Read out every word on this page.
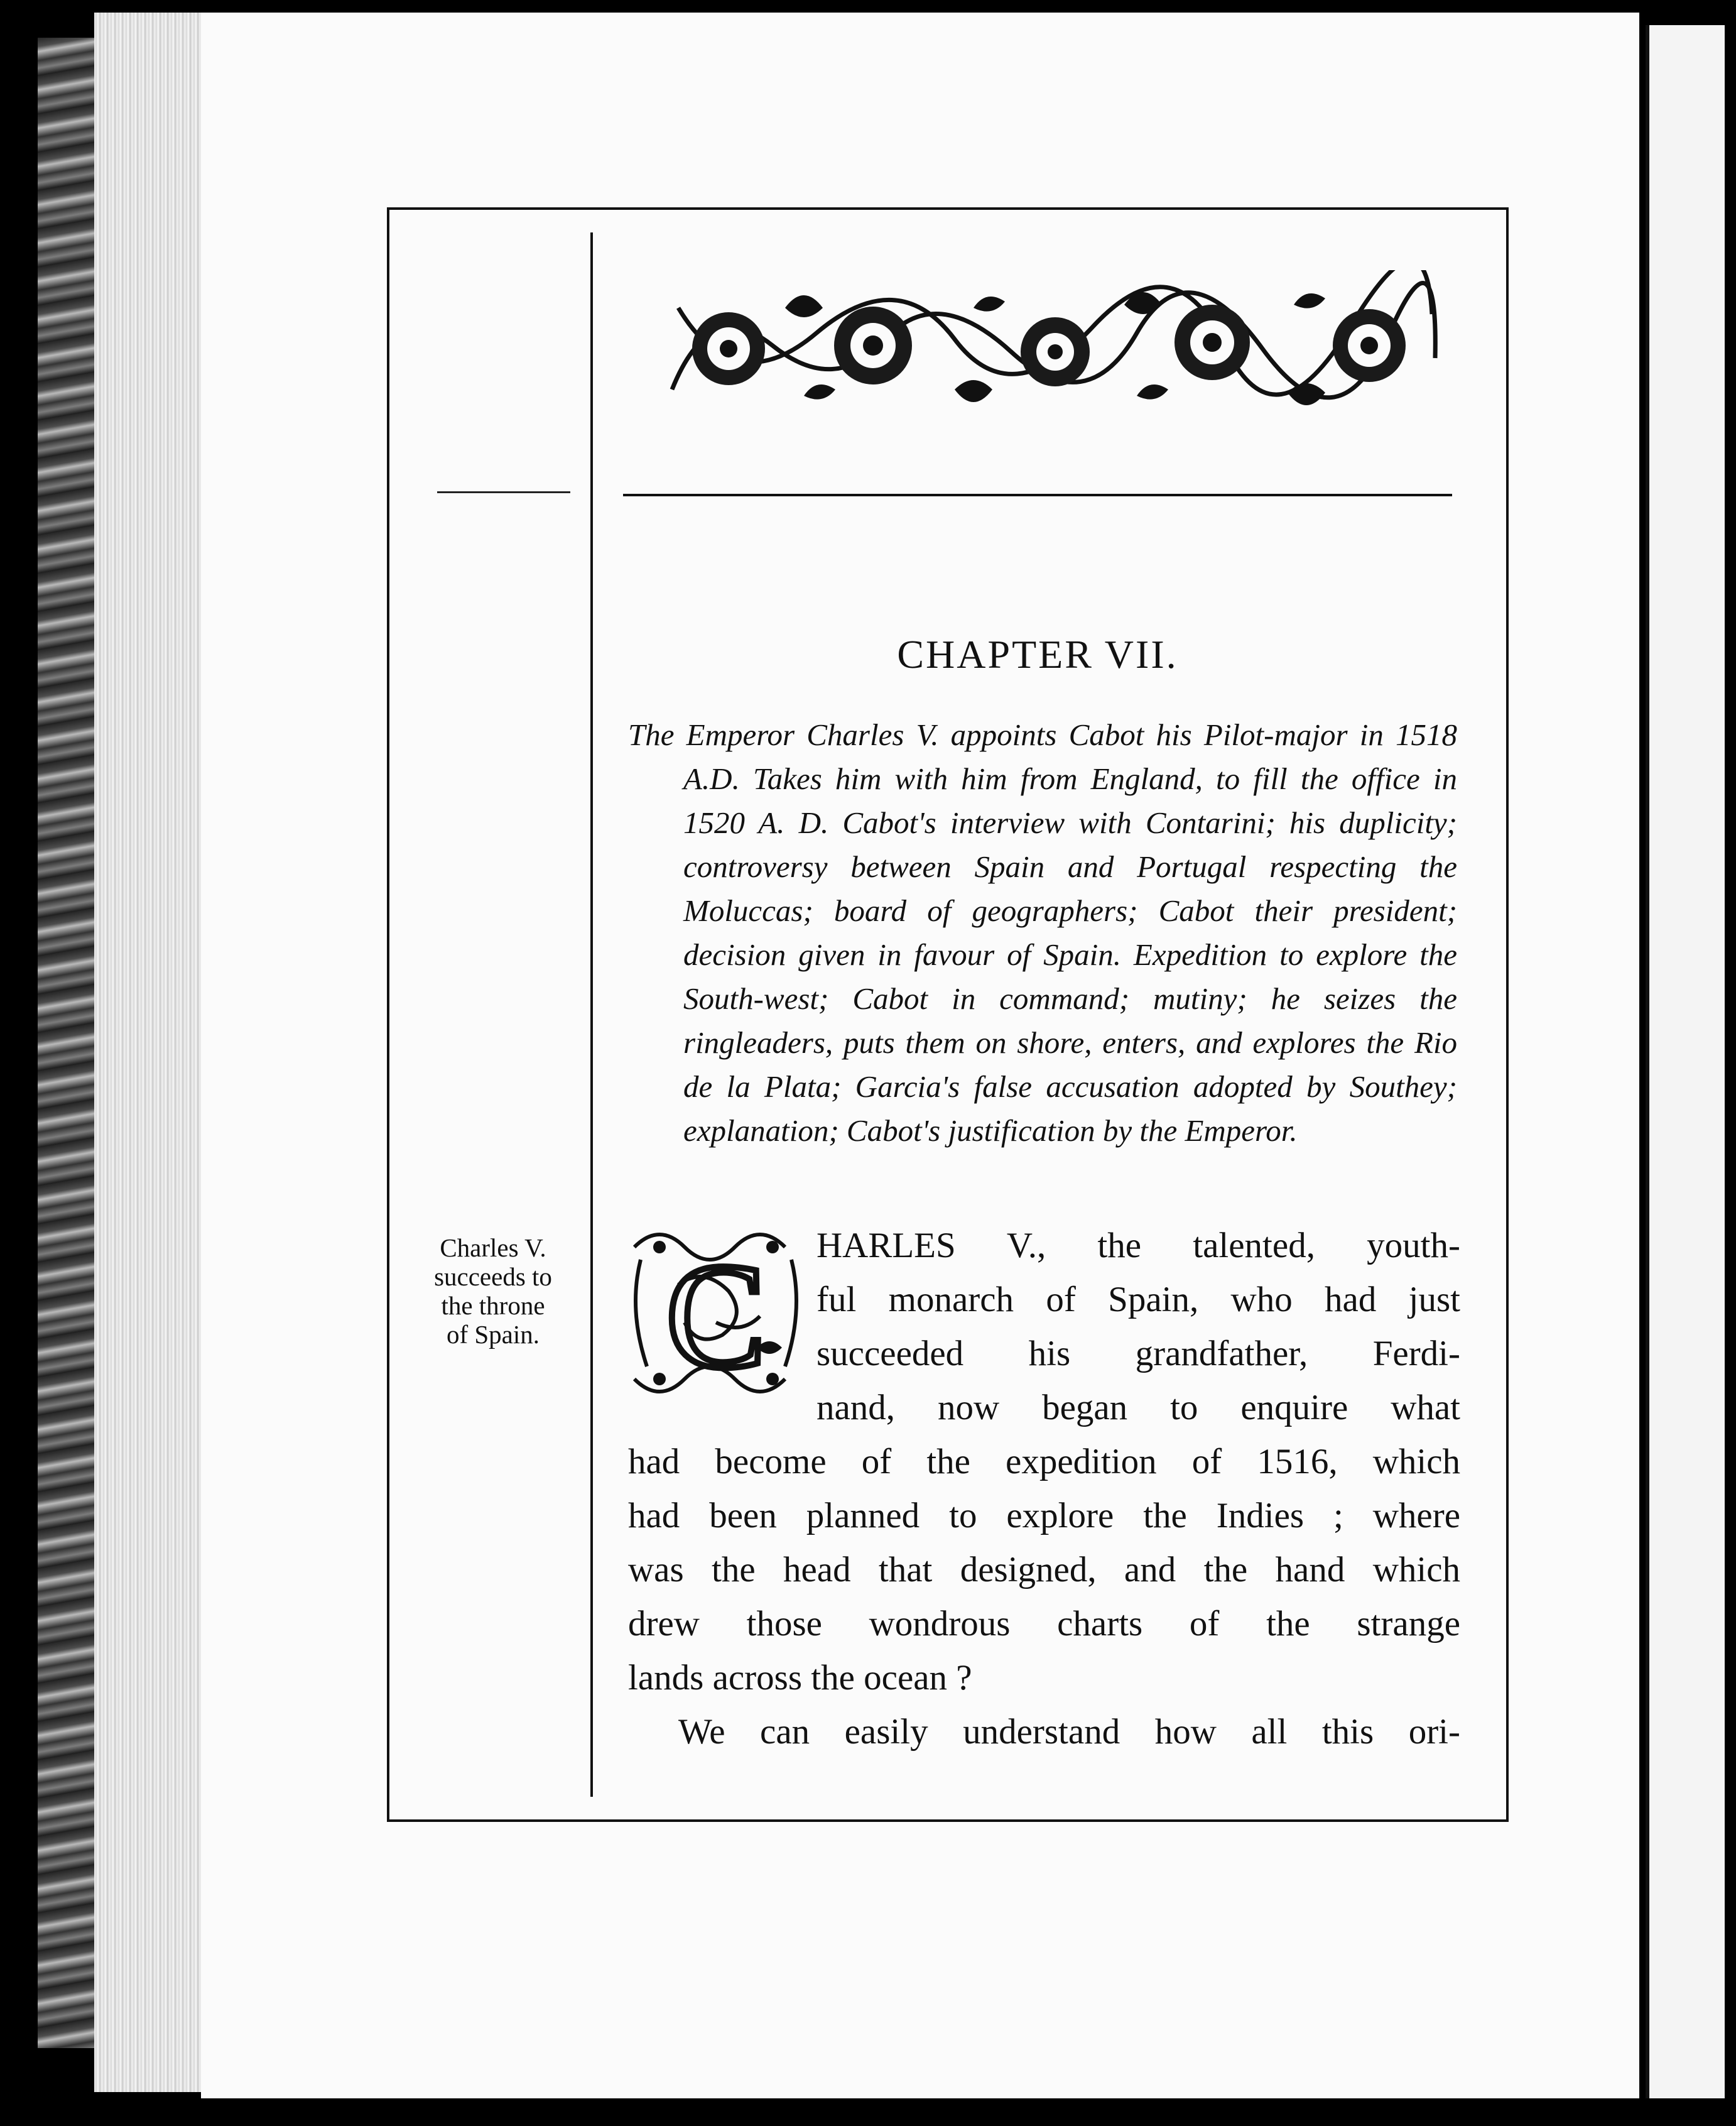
CHAPTER VII.
The Emperor Charles V. appoints Cabot his Pilot-major in 1518 A.D. Takes him with him from England, to fill the office in 1520 A. D. Cabot's interview with Contarini; his duplicity; controversy between Spain and Portugal respecting the Moluccas; board of geographers; Cabot their president; decision given in favour of Spain. Expedition to explore the South-west; Cabot in command; mutiny; he seizes the ringleaders, puts them on shore, enters, and explores the Rio de la Plata; Garcia's false accusation adopted by Southey; explanation; Cabot's justification by the Emperor.
Charles V.
succeeds to
the throne
of Spain. C	HARLES V., the talented, youth-
ful monarch of Spain, who had just
succeeded his grandfather, Ferdi-
nand, now began to enquire what
had become of the expedition of 1516, which
had been planned to explore the Indies ; where
was the head that designed, and the hand which
drew those wondrous charts of the strange
lands across the ocean ?
We can easily understand how all this ori-
